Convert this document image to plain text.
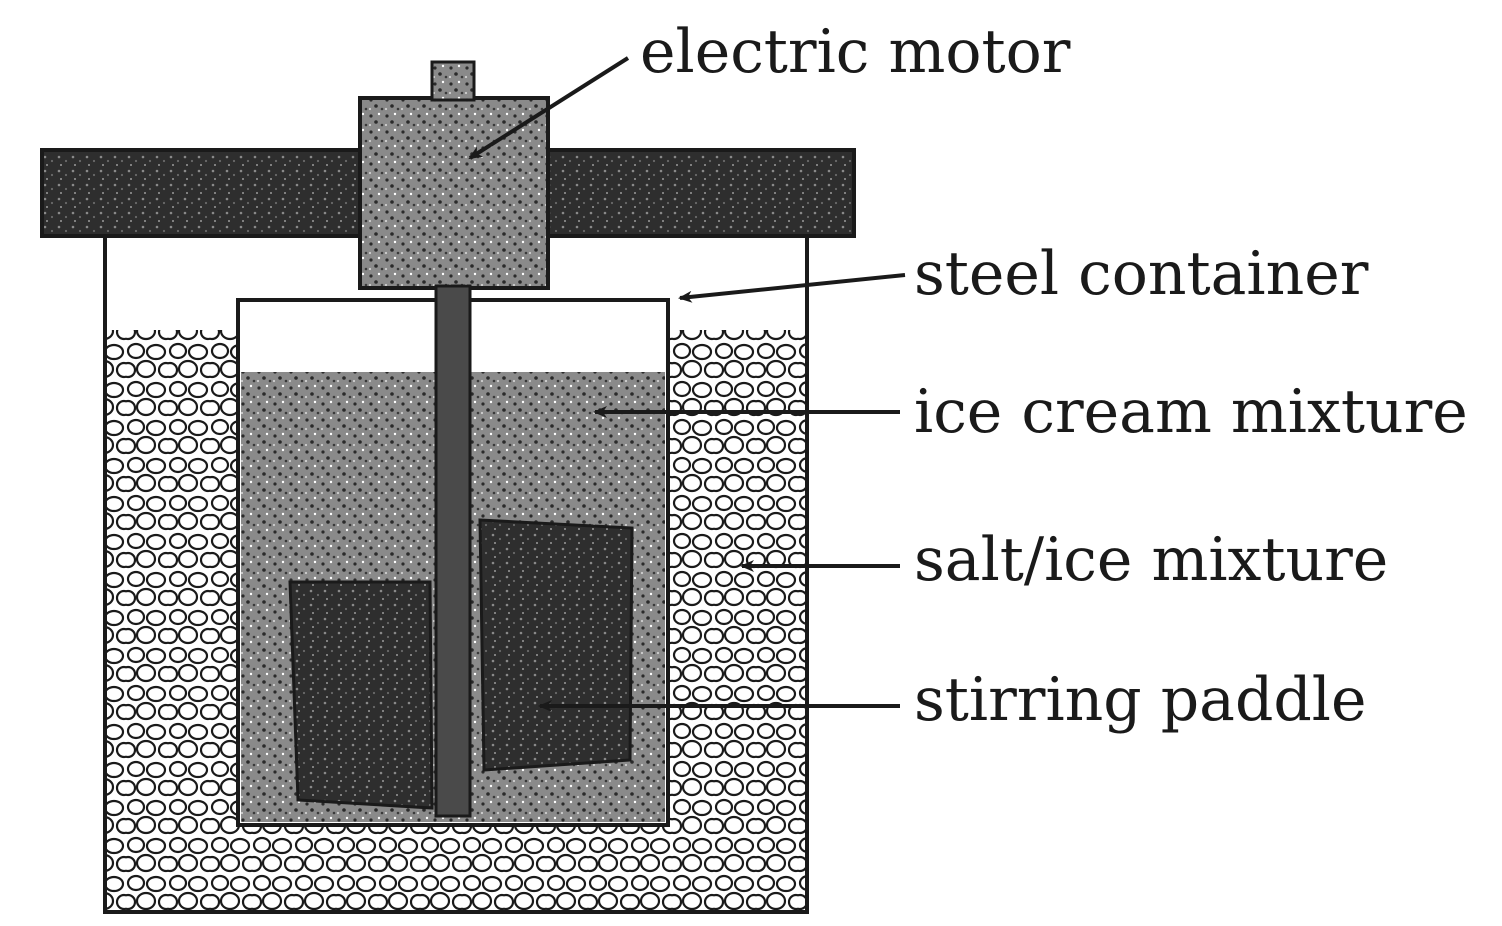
electric motor
steel container
ice cream mixture
salt/ice mixture
stirring paddle
